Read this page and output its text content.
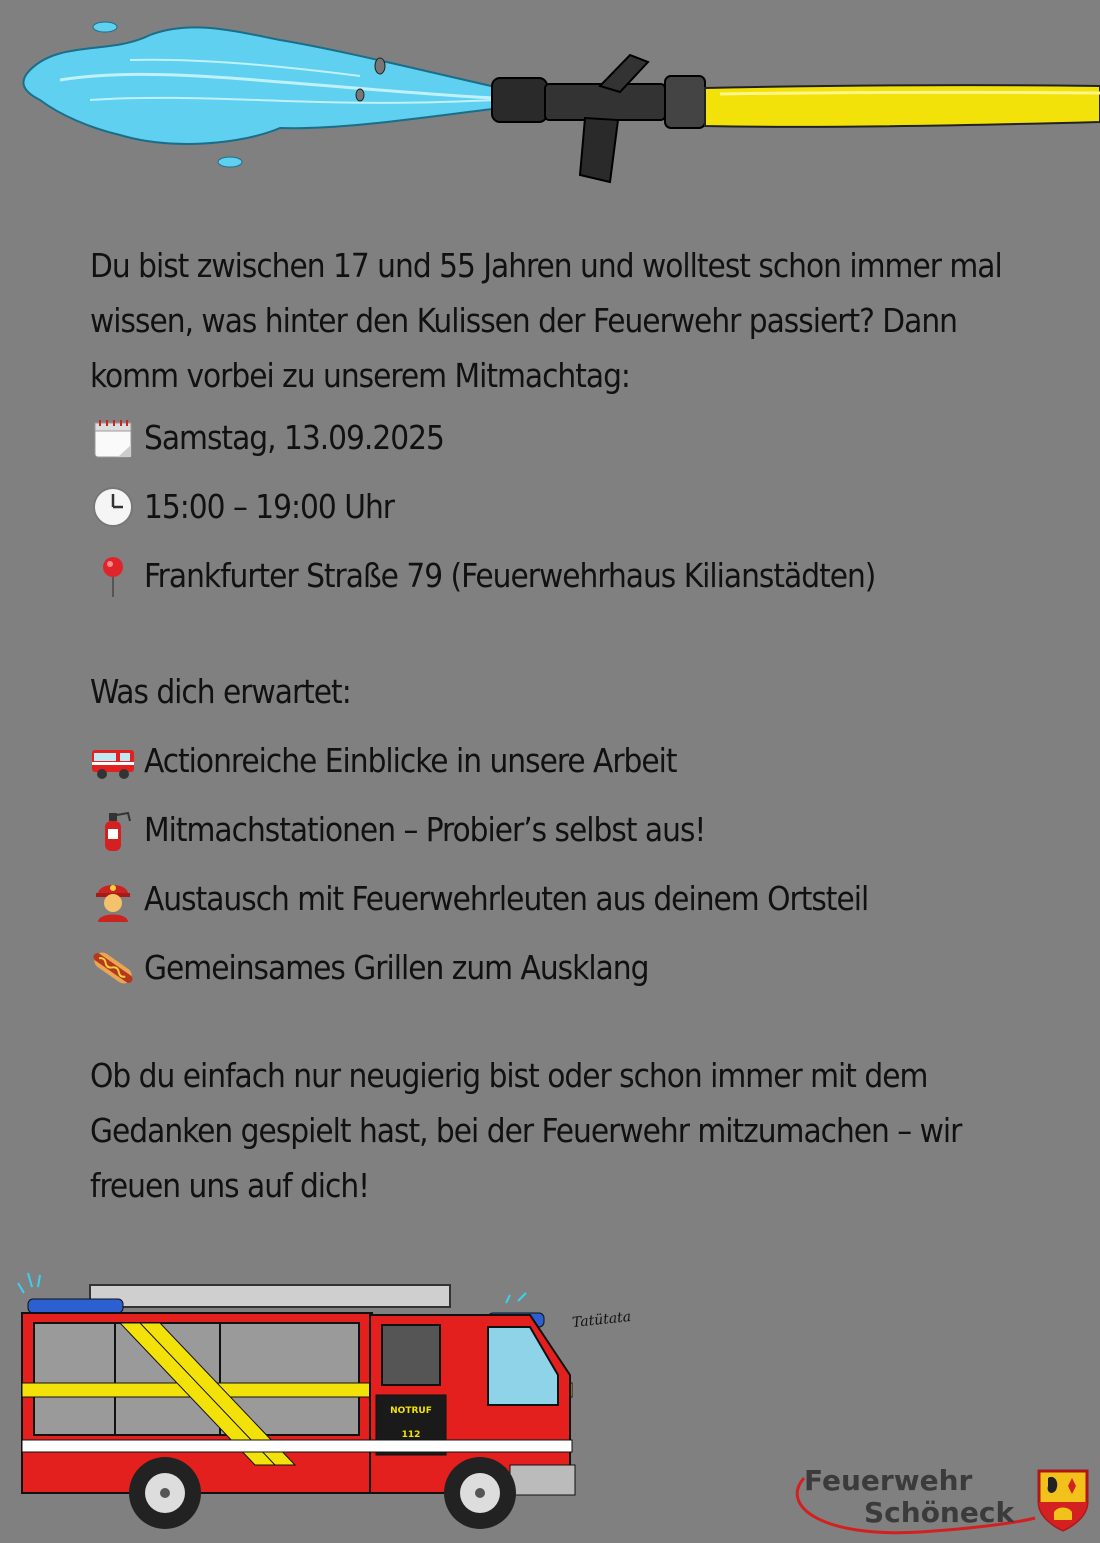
Du bist zwischen 17 und 55 Jahren und wolltest schon immer mal

wissen, was hinter den Kulissen der Feuerwehr passiert? Dann

komm vorbei zu unserem Mitmachtag:

Samstag, 13.09.2025
15:00 – 19:00 Uhr
Frankfurter Straße 79 (Feuerwehrhaus Kilianstädten)
Was dich erwartet:
Actionreiche Einblicke in unsere Arbeit
Mitmachstationen – Probier’s selbst aus!
Austausch mit Feuerwehrleuten aus deinem Ortsteil
Gemeinsames Grillen zum Ausklang

Ob du einfach nur neugierig bist oder schon immer mit dem

Gedanken gespielt hast, bei der Feuerwehr mitzumachen – wir

freuen uns auf dich!

NOTRUF
112
Tatütata
Feuerwehr
Schöneck
